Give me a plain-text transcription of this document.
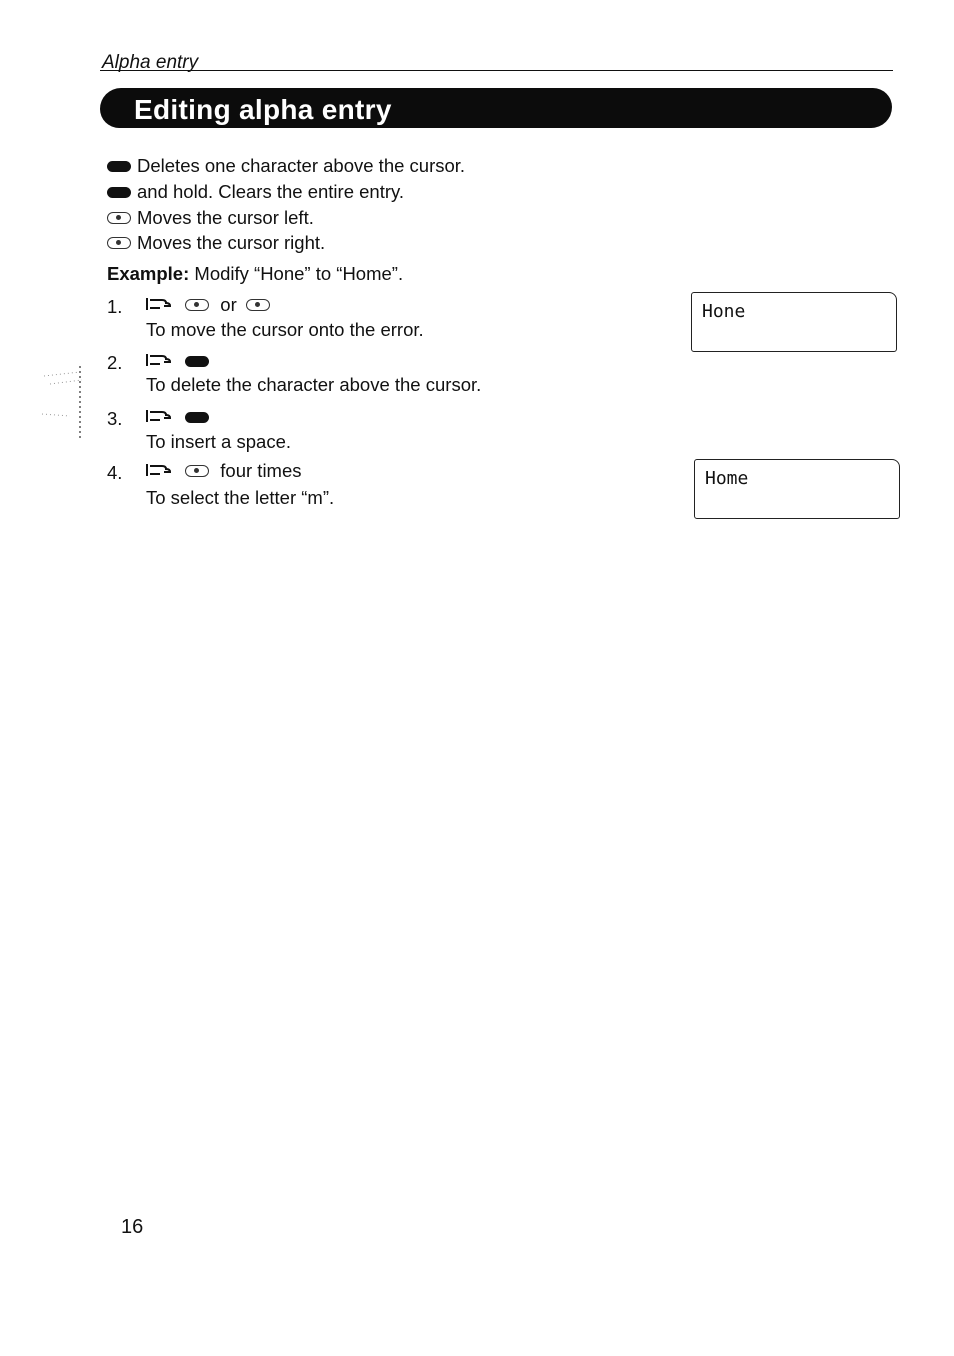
Alpha entry
Editing alpha entry
Deletes one character above the cursor.
and hold. Clears the entire entry.
Moves the cursor left.
Moves the cursor right.
Example: Modify “Hone” to “Home”.
1.	or
To move the cursor onto the error.
2.

To delete the character above the cursor.
3.

To insert a space.
4.	four times
To select the letter “m”.
Hone
Home
16
